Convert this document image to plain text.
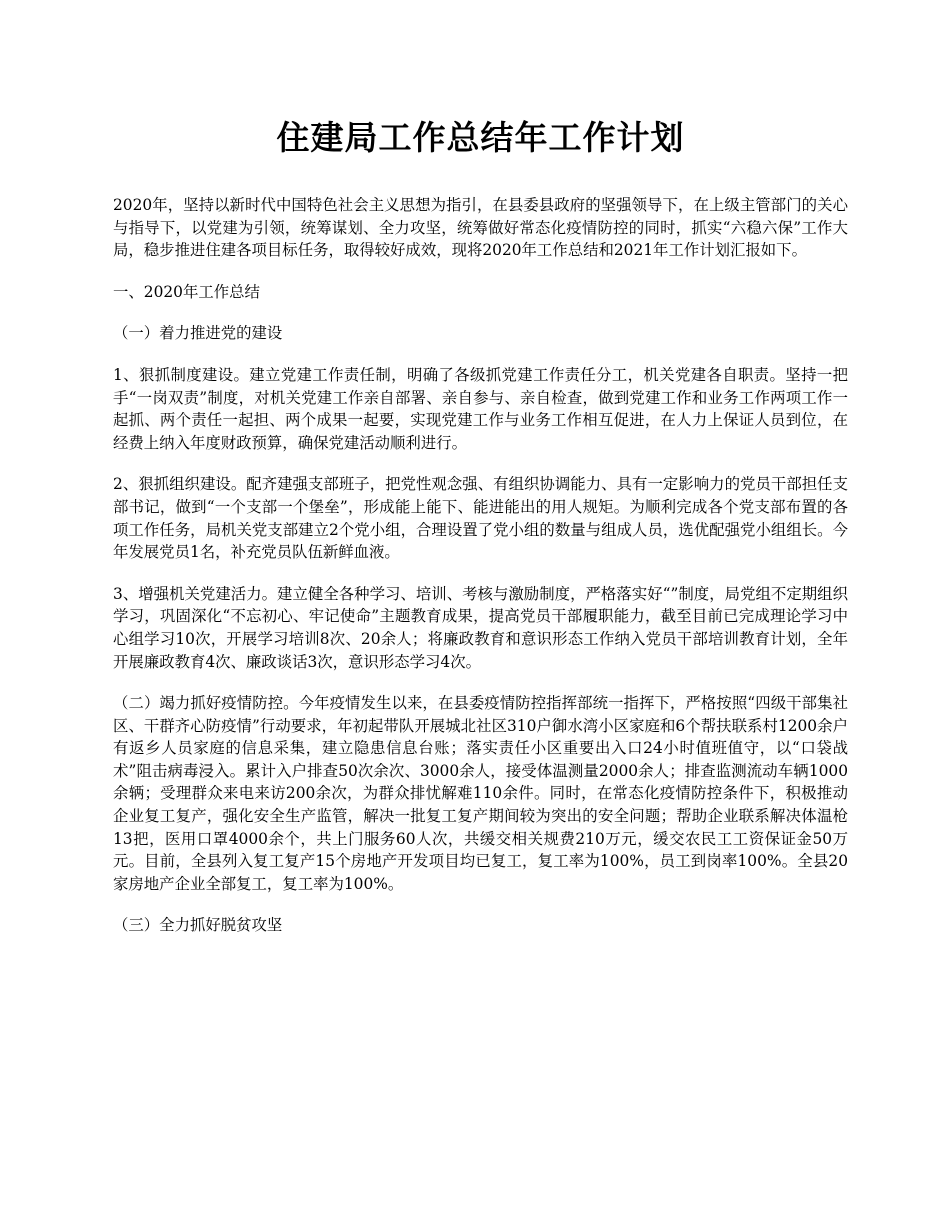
住建局工作总结年工作计划

2020年，坚持以新时代中国特色社会主义思想为指引，在县委县政府的坚强领导下，在上级主管部门的关心与指导下，以党建为引领，统筹谋划、全力攻坚，统筹做好常态化疫情防控的同时，抓实“六稳六保”工作大局，稳步推进住建各项目标任务，取得较好成效，现将2020年工作总结和2021年工作计划汇报如下。

一、2020年工作总结

（一）着力推进党的建设

1、狠抓制度建设。建立党建工作责任制，明确了各级抓党建工作责任分工，机关党建各自职责。坚持一把手“一岗双责”制度，对机关党建工作亲自部署、亲自参与、亲自检查，做到党建工作和业务工作两项工作一起抓、两个责任一起担、两个成果一起要，实现党建工作与业务工作相互促进，在人力上保证人员到位，在经费上纳入年度财政预算，确保党建活动顺利进行。

2、狠抓组织建设。配齐建强支部班子，把党性观念强、有组织协调能力、具有一定影响力的党员干部担任支部书记，做到“一个支部一个堡垒”，形成能上能下、能进能出的用人规矩。为顺利完成各个党支部布置的各项工作任务，局机关党支部建立2个党小组，合理设置了党小组的数量与组成人员，选优配强党小组组长。今年发展党员1名，补充党员队伍新鲜血液。

3、增强机关党建活力。建立健全各种学习、培训、考核与激励制度，严格落实好“”制度，局党组不定期组织学习，巩固深化“不忘初心、牢记使命”主题教育成果，提高党员干部履职能力，截至目前已完成理论学习中心组学习10次，开展学习培训8次、20余人；将廉政教育和意识形态工作纳入党员干部培训教育计划，全年开展廉政教育4次、廉政谈话3次，意识形态学习4次。

（二）竭力抓好疫情防控。今年疫情发生以来，在县委疫情防控指挥部统一指挥下，严格按照“四级干部集社区、干群齐心防疫情”行动要求，年初起带队开展城北社区310户御水湾小区家庭和6个帮扶联系村1200余户有返乡人员家庭的信息采集，建立隐患信息台账；落实责任小区重要出入口24小时值班值守，以“口袋战术”阻击病毒浸入。累计入户排查50次余次、3000余人，接受体温测量2000余人；排查监测流动车辆1000余辆；受理群众来电来访200余次，为群众排忧解难110余件。同时，在常态化疫情防控条件下，积极推动企业复工复产，强化安全生产监管，解决一批复工复产期间较为突出的安全问题；帮助企业联系解决体温枪13把，医用口罩4000余个，共上门服务60人次，共缓交相关规费210万元，缓交农民工工资保证金50万元。目前，全县列入复工复产15个房地产开发项目均已复工，复工率为100%，员工到岗率100%。全县20家房地产企业全部复工，复工率为100%。

（三）全力抓好脱贫攻坚
